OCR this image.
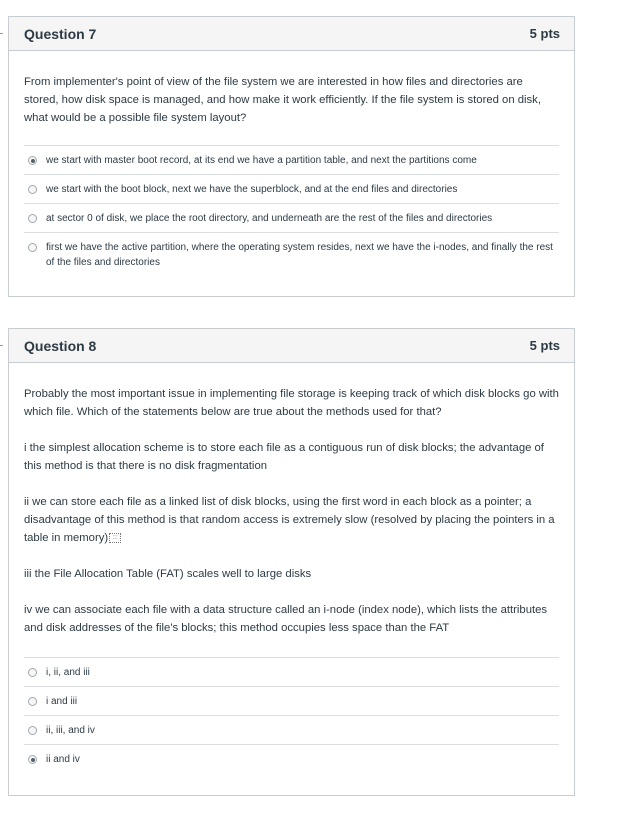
Question 7	5 pts

From implementer's point of view of the file system we are interested in how files and directories are stored, how disk space is managed, and how make it work efficiently. If the file system is stored on disk, what would be a possible file system layout?

we start with master boot record, at its end we have a partition table, and next the partitions come
we start with the boot block, next we have the superblock, and at the end files and directories
at sector 0 of disk, we place the root directory, and underneath are the rest of the files and directories
first we have the active partition, where the operating system resides, next we have the i-nodes, and finally the rest of the files and directories
Question 8	5 pts

Probably the most important issue in implementing file storage is keeping track of which disk blocks go with which file. Which of the statements below are true about the methods used for that?

i the simplest allocation scheme is to store each file as a contiguous run of disk blocks; the advantage of this method is that there is no disk fragmentation

ii we can store each file as a linked list of disk blocks, using the first word in each block as a pointer; a disadvantage of this method is that random access is extremely slow (resolved by placing the pointers in a table in memory) :::

iii the File Allocation Table (FAT) scales well to large disks

iv we can associate each file with a data structure called an i-node (index node), which lists the attributes and disk addresses of the file's blocks; this method occupies less space than the FAT

i, ii, and iii
i and iii
ii, iii, and iv
ii and iv
